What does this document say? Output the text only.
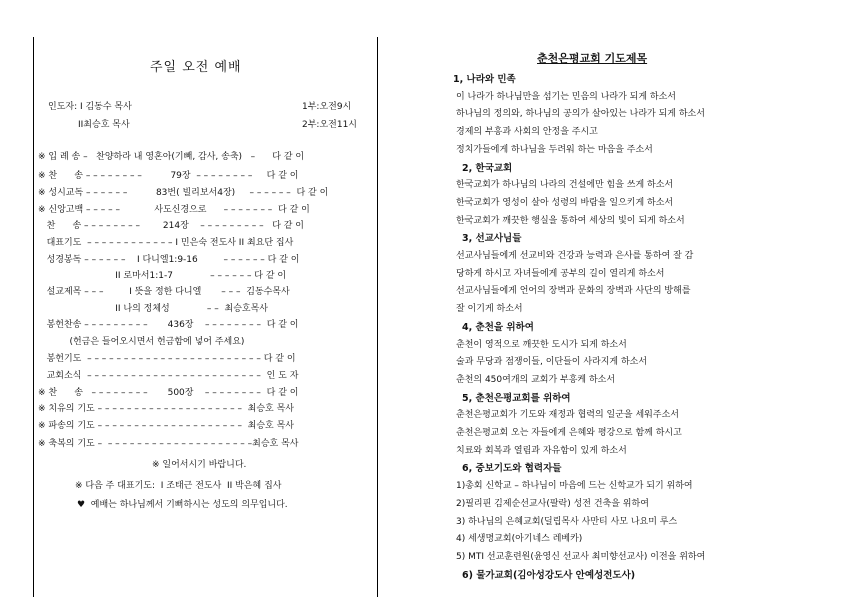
주일 오전 예배
인도자: I 김동수 목사	1부:오전9시
II최승호 목사	2부:오전11시
※ 입 례 송 –   찬양하라 내 영혼아(기빼, 감사, 송축)   –      다 같 이
※ 찬      송 – – – – – – – –          79장  – – – – – – – –     다 같 이
※ 성시교독 – – – – – –          83번( 빌리보서4장)     – – – – – –  다 같 이
※ 신앙고백 – – – – –            사도신경으로      – – – – – – –  다 같 이
찬      송 – – – – – – – –        214장    – – – – – – – – –   다 같 이
대표기도  – – – – – – – – – – – – I 민은숙 전도사 II 최요단 집사
성경봉독 – – – – – –    I 다니엘1:9-16         – – – – – – 다 같 이
II 로마서1:1-7             – – – – – – 다 같 이
설교제목 – – –         I 뜻을 정한 다니엘       – – –  김동수목사
II 나의 정체성             – –  최승호목사
봉헌찬송 – – – – – – – – –       436장    – – – – – – – –  다 같 이
(헌금은 들어오시면서 헌금함에 넣어 주세요)
봉헌기도  – – – – – – – – – – – – – – – – – – – – – – – – 다 같 이
교회소식  – – – – – – – – – – – – – – – – – – – – – – – –  인 도 자
※ 찬      송   – – – – – – – –       500장    – – – – – – – –  다 같 이
※ 치유의 기도 – – – – – – – – – – – – – – – – – – – –  최승호 목사
※ 파송의 기도 – – – – – – – – – – – – – – – – – – – –  최승호 목사
※ 축복의 기도 –  – – – – – – – – – – – – – – – – – – – –최승호 목사
※ 일어서시기 바랍니다.
※ 다음 주 대표기도:  I 조태근 전도사  II 박은혜 집사
♥  예배는 하나님께서 기뻐하시는 성도의 의무입니다.
춘천은평교회 기도제목
1, 나라와 민족
이 나라가 하나님만을 섬기는 민음의 나라가 되게 하소서
하나님의 정의와, 하나님의 공의가 살아있는 나라가 되게 하소서
경제의 부흥과 사회의 안정을 주시고
정치가들에게 하나님을 두려워 하는 마음을 주소서
2, 한국교회
한국교회가 하나님의 나라의 건설에만 힘을 쓰게 하소서
한국교회가 영성이 살아 성령의 바람을 일으키게 하소서
한국교회가 깨끗한 행실을 통하여 세상의 빛이 되게 하소서
3, 선교사님들
선교사님들에게 선교비와 건강과 능력과 은사를 통하여 잘 감
당하게 하시고 자녀들에게 공부의 길이 열리게 하소서
선교사님들에게 언어의 장벽과 문화의 장벽과 사단의 방해를
잘 이기게 하소서
4, 춘천을 위하여
춘천이 영적으로 깨끗한 도시가 되게 하소서
술과 무당과 점쟁이들, 이단들이 사라지게 하소서
춘천의 450여개의 교회가 부흥케 하소서
5, 춘천은평교회를 위하여
춘천은평교회가 기도와 재정과 협력의 일군을 세워주소서
춘천은평교회 오는 자들에게 은혜와 평강으로 함께 하시고
치료와 회복과 열림과 자유함이 있게 하소서
6, 중보기도와 협력자들
1)총회 신학교 – 하나님이 마음에 드는 신학교가 되기 위하여
2)필리핀 김제순선교사(팔락) 성전 건축을 위하여
3) 하나님의 은혜교회(딜립목사 사만티 사모 나요미 루스
4) 세생명교회(아기네스 레베카)
5) MTI 선교훈련원(윤영신 선교사 최미향선교사) 이전을 위하여
6) 물가교회(김아성강도사 안예성전도사)
